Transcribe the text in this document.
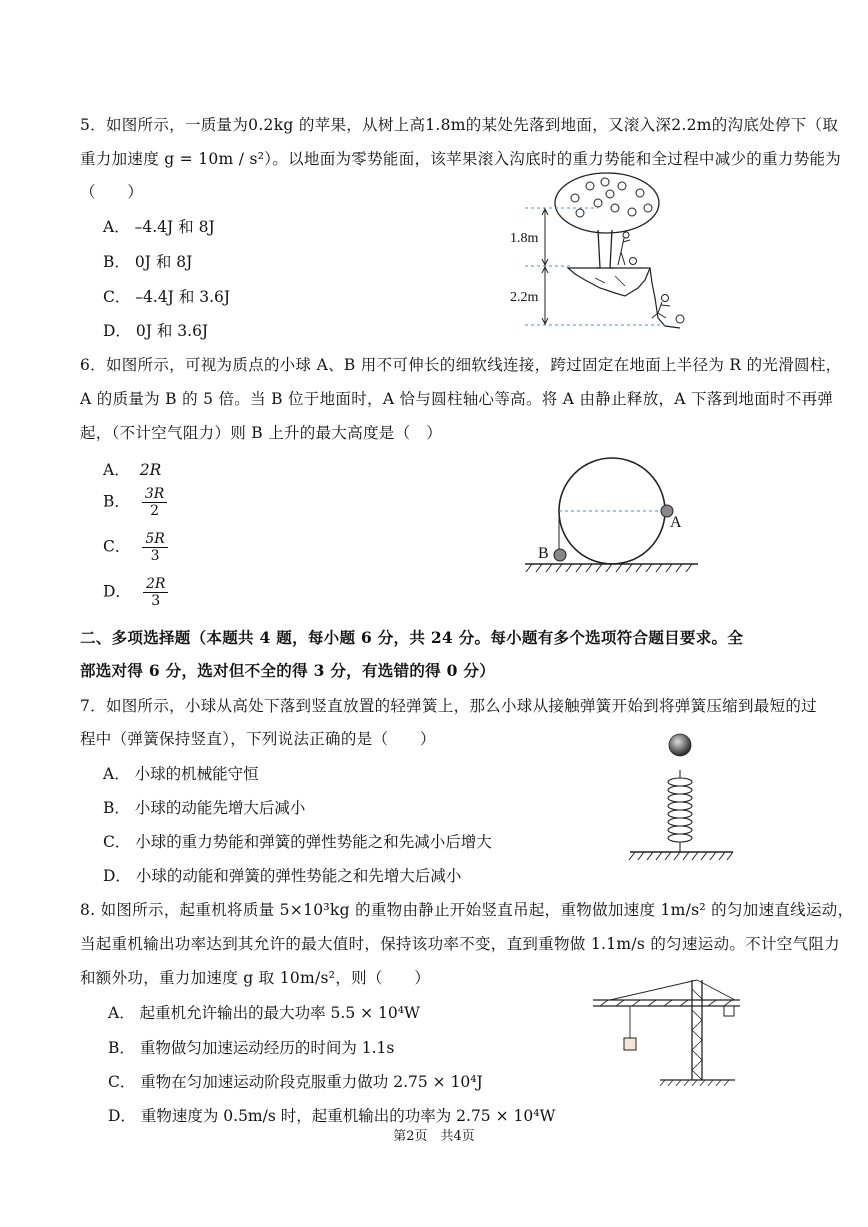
5．如图所示，一质量为0.2kg 的苹果，从树上高1.8m的某处先落到地面，又滚入深2.2m的沟底处停下（取
重力加速度 g = 10m / s²）。以地面为零势能面，该苹果滚入沟底时的重力势能和全过程中减少的重力势能为
（　　）
A． –4.4J 和 8J
B． 0J 和 8J
C． –4.4J 和 3.6J
D． 0J 和 3.6J
1.8m
2.2m
6．如图所示，可视为质点的小球 A、B 用不可伸长的细软线连接，跨过固定在地面上半径为 R 的光滑圆柱，
A 的质量为 B 的 5 倍。当 B 位于地面时，A 恰与圆柱轴心等高。将 A 由静止释放，A 下落到地面时不再弹
起，（不计空气阻力）则 B 上升的最大高度是（　）
A． 2R
B． $\frac{3R}{2}$
C． $\frac{5R}{3}$
D． $\frac{2R}{3}$
A
B
二、多项选择题（本题共 4 题，每小题 6 分，共 24 分。每小题有多个选项符合题目要求。全
部选对得 6 分，选对但不全的得 3 分，有选错的得 0 分）
7．如图所示，小球从高处下落到竖直放置的轻弹簧上，那么小球从接触弹簧开始到将弹簧压缩到最短的过
程中（弹簧保持竖直），下列说法正确的是（　　）
A． 小球的机械能守恒
B． 小球的动能先增大后减小
C． 小球的重力势能和弹簧的弹性势能之和先减小后增大
D． 小球的动能和弹簧的弹性势能之和先增大后减小
8. 如图所示，起重机将质量 5×10³kg 的重物由静止开始竖直吊起，重物做加速度 1m/s² 的匀加速直线运动，
当起重机输出功率达到其允许的最大值时，保持该功率不变，直到重物做 1.1m/s 的匀速运动。不计空气阻力
和额外功，重力加速度 g 取 10m/s²，则（　　）
A． 起重机允许输出的最大功率 5.5 × 10⁴W
B． 重物做匀加速运动经历的时间为 1.1s
C． 重物在匀加速运动阶段克服重力做功 2.75 × 10⁴J
D． 重物速度为 0.5m/s 时，起重机输出的功率为 2.75 × 10⁴W
第2页　共4页
